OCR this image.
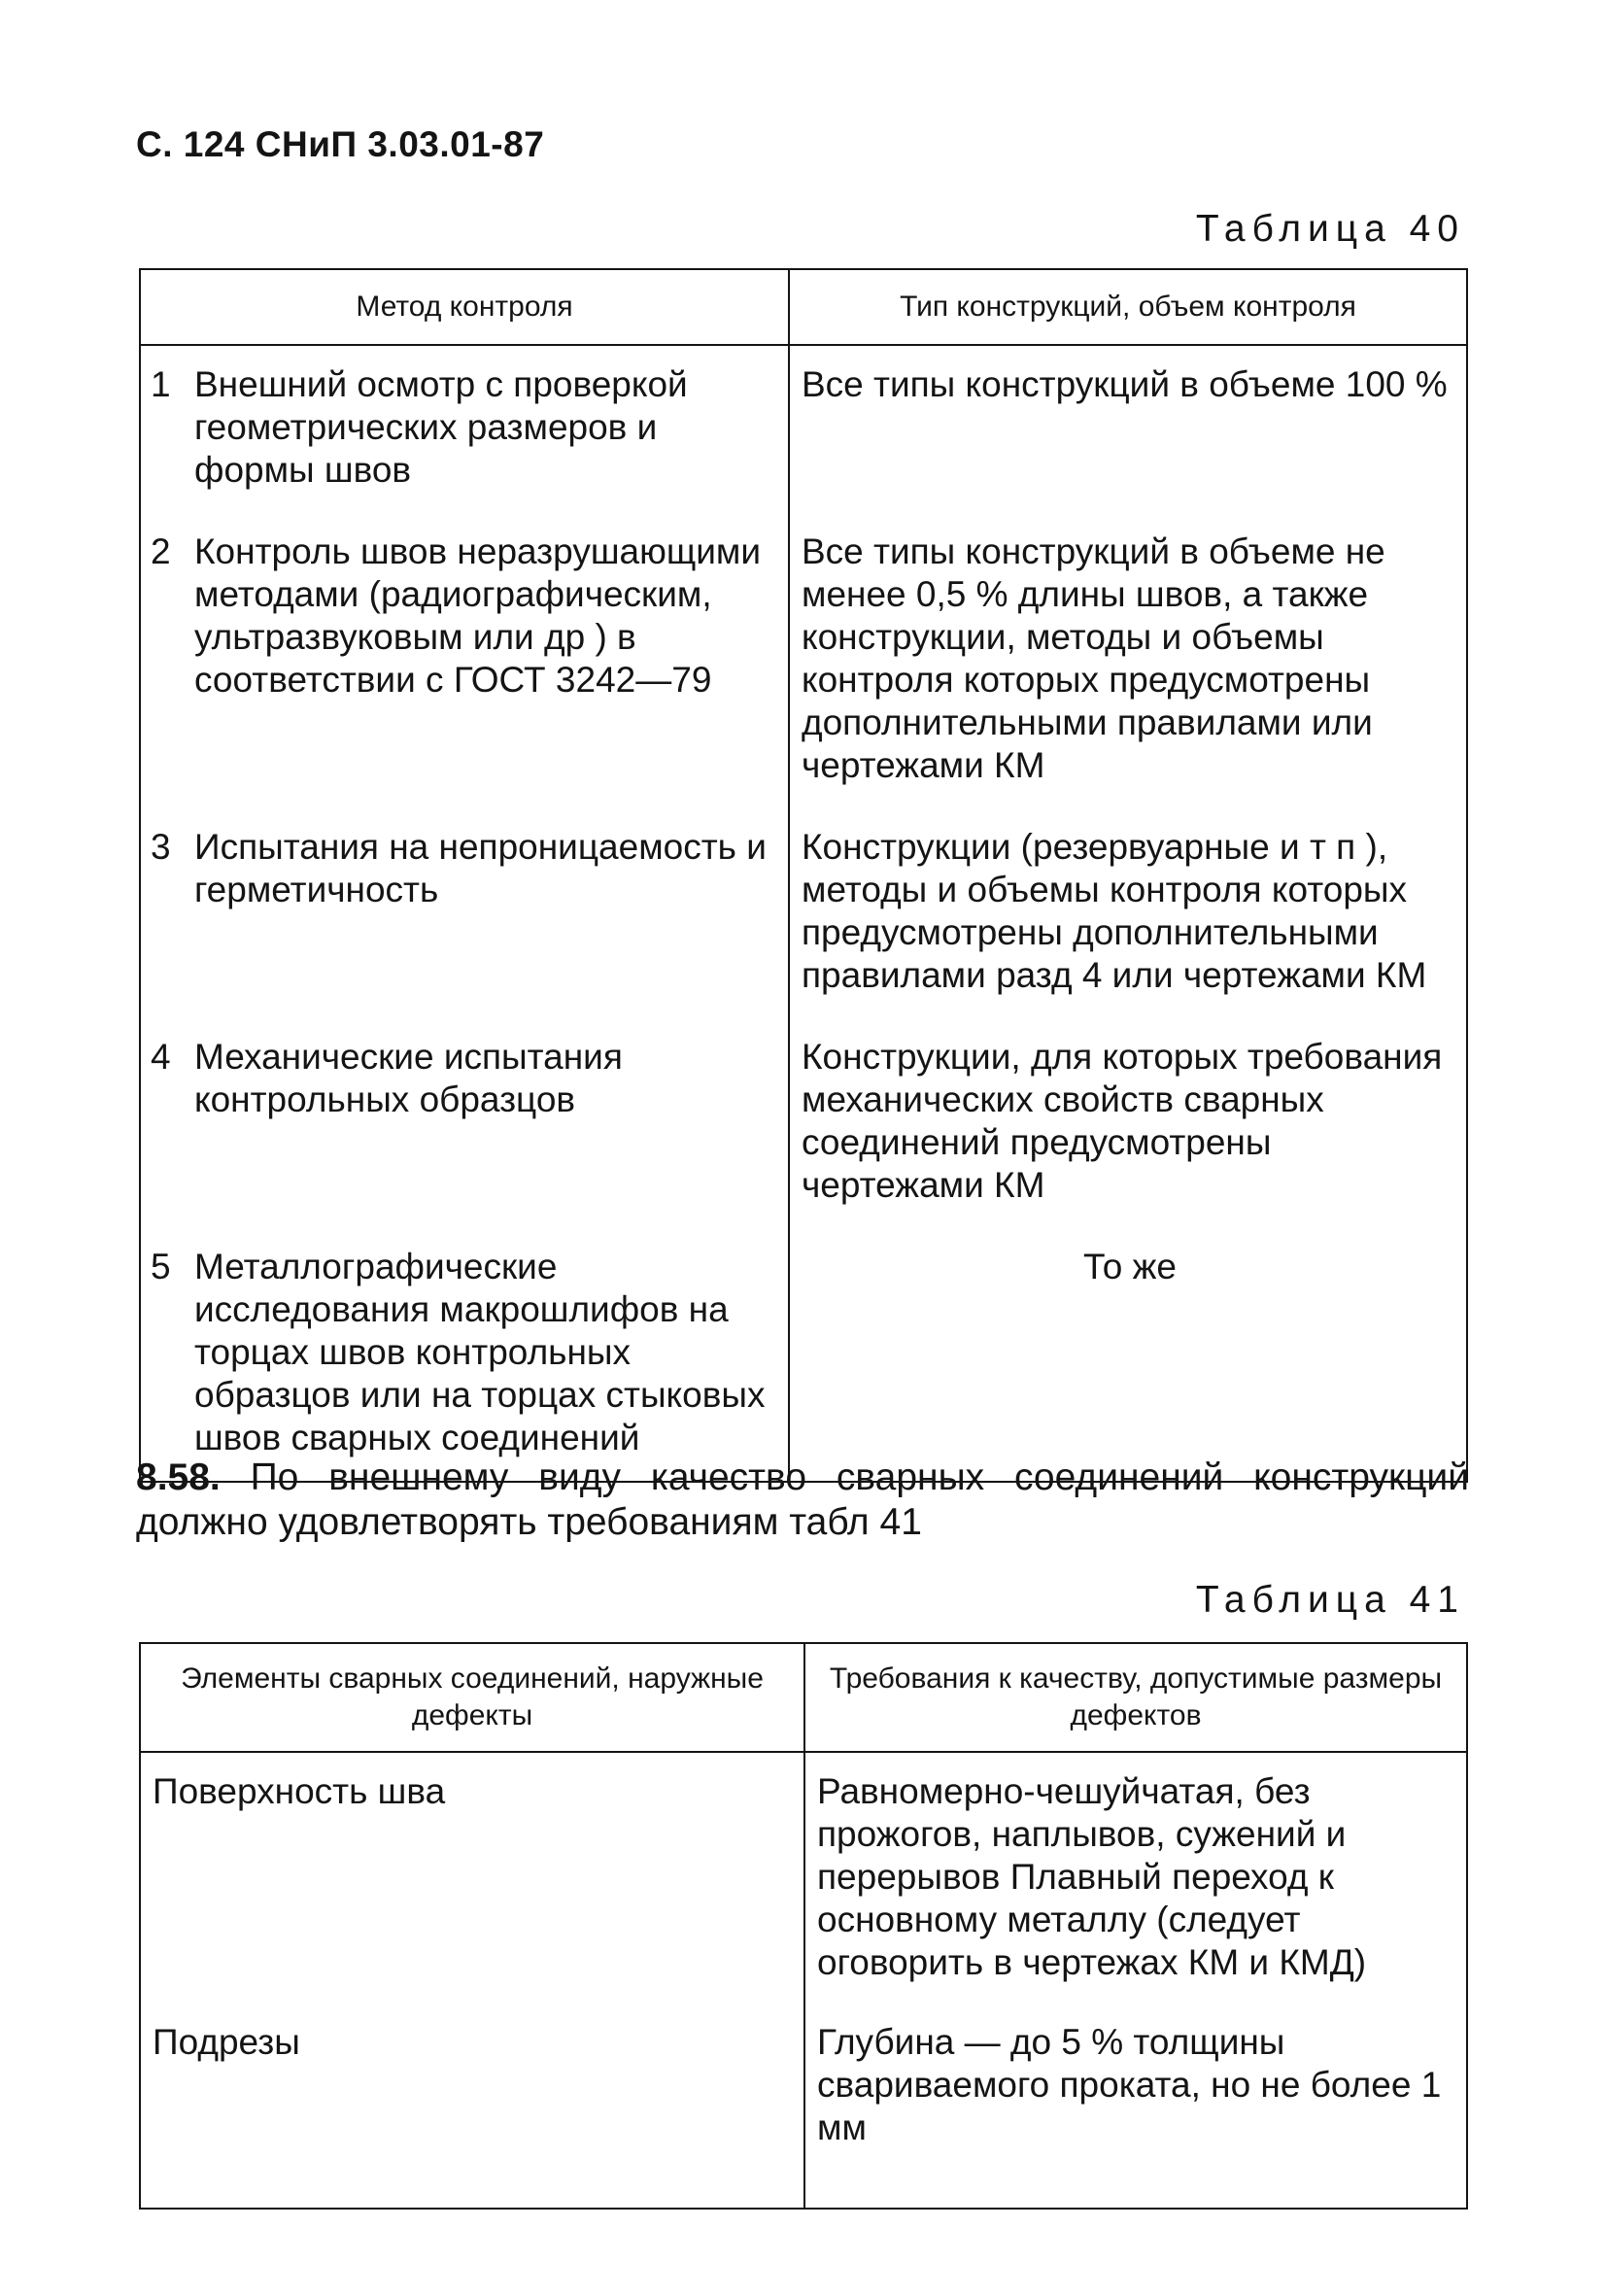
С. 124 СНиП 3.03.01-87
Таблица 40
Метод контроля	Тип конструкций, объем контроля

1 Внешний осмотр с проверкой геометрических размеров и формы швов	Все типы конструкций в объеме 100 %

2 Контроль швов неразрушающими методами (радиографическим, ультразвуковым или др ) в соответствии с ГОСТ 3242—79	Все типы конструкций в объеме не менее 0,5 % длины швов, а также конструкции, методы и объемы контроля которых предусмотрены дополнительными правилами или чертежами КМ

3 Испытания на непроницаемость и герметичность	Конструкции (резервуарные и т п ), методы и объемы контроля которых предусмотрены дополнительными правилами разд 4 или чертежами КМ

4 Механические испытания контрольных образцов	Конструкции, для которых требования механических свойств сварных соединений предусмотрены чертежами КМ

5 Металлографические исследования макрошлифов на торцах швов контрольных образцов или на торцах стыковых швов сварных соединений	То же
8.58. По внешнему виду качество сварных соединений конструкций должно удовлетворять требованиям табл 41
Таблица 41
Элементы сварных соединений, наружные дефекты	Требования к качеству, допустимые размеры дефектов
Поверхность шва	Равномерно-чешуйчатая, без прожогов, наплывов, сужений и перерывов Плавный переход к основному металлу (следует оговорить в чертежах КМ и КМД)
Подрезы	Глубина — до 5 % толщины свариваемого проката, но не более 1 мм
